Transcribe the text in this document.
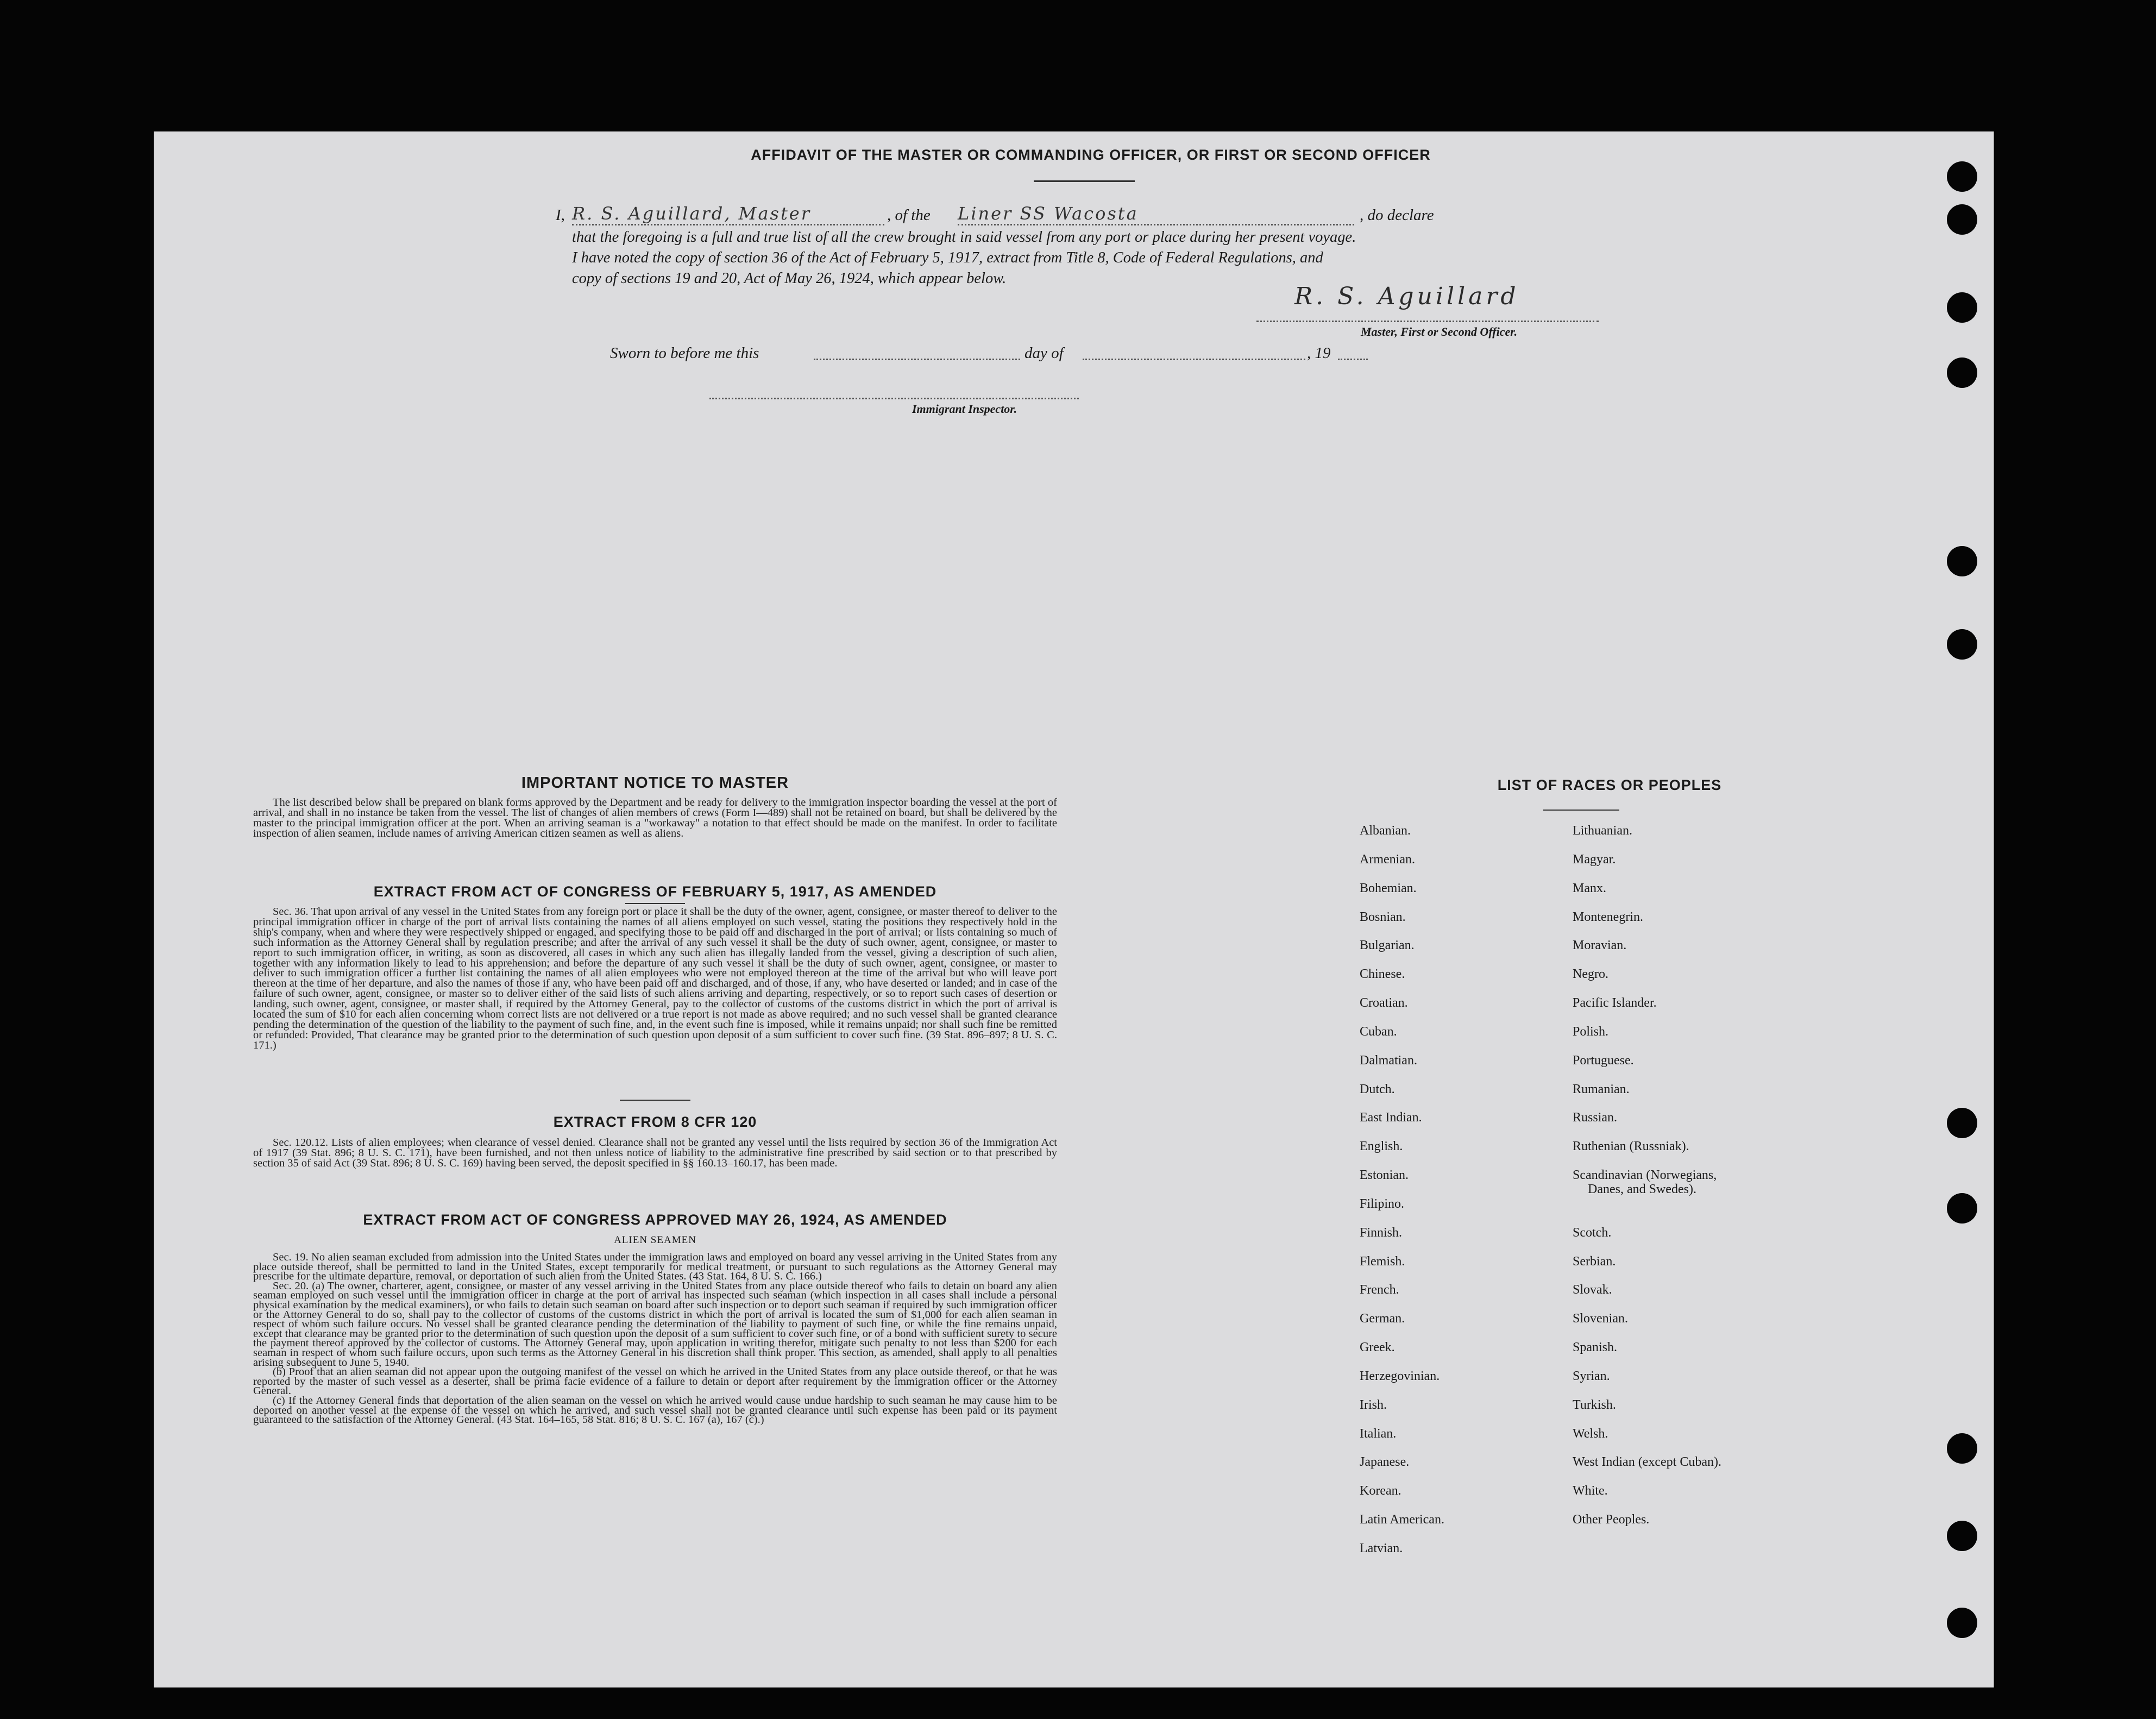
AFFIDAVIT OF THE MASTER OR COMMANDING OFFICER, OR FIRST OR SECOND OFFICER
I, R. S. Aguillard, Master	, of the Liner SS Wacosta	, do declare
that the foregoing is a full and true list of all the crew brought in said vessel from any port or place during her present voyage.
I have noted the copy of section 36 of the Act of February 5, 1917, extract from Title 8, Code of Federal Regulations, and
copy of sections 19 and 20, Act of May 26, 1924, which appear below.
R. S. Aguillard
Master, First or Second Officer.
Sworn to before me this	day of	, 19
Immigrant Inspector.
IMPORTANT NOTICE TO MASTER

The list described below shall be prepared on blank forms approved by the Department and be ready for delivery to the immigration inspector boarding the vessel at the port of arrival, and shall in no instance be taken from the vessel. The list of changes of alien members of crews (Form I—489) shall not be retained on board, but shall be delivered by the master to the principal immigration officer at the port. When an arriving seaman is a "workaway" a notation to that effect should be made on the manifest. In order to facilitate inspection of alien seamen, include names of arriving American citizen seamen as well as aliens.

EXTRACT FROM ACT OF CONGRESS OF FEBRUARY 5, 1917, AS AMENDED

Sec. 36. That upon arrival of any vessel in the United States from any foreign port or place it shall be the duty of the owner, agent, consignee, or master thereof to deliver to the principal immigration officer in charge of the port of arrival lists containing the names of all aliens employed on such vessel, stating the positions they respectively hold in the ship's company, when and where they were respectively shipped or engaged, and specifying those to be paid off and discharged in the port of arrival; or lists containing so much of such information as the Attorney General shall by regulation prescribe; and after the arrival of any such vessel it shall be the duty of such owner, agent, consignee, or master to report to such immigration officer, in writing, as soon as discovered, all cases in which any such alien has illegally landed from the vessel, giving a description of such alien, together with any information likely to lead to his apprehension; and before the departure of any such vessel it shall be the duty of such owner, agent, consignee, or master to deliver to such immigration officer a further list containing the names of all alien employees who were not employed thereon at the time of the arrival but who will leave port thereon at the time of her departure, and also the names of those if any, who have been paid off and discharged, and of those, if any, who have deserted or landed; and in case of the failure of such owner, agent, consignee, or master so to deliver either of the said lists of such aliens arriving and departing, respectively, or so to report such cases of desertion or landing, such owner, agent, consignee, or master shall, if required by the Attorney General, pay to the collector of customs of the customs district in which the port of arrival is located the sum of $10 for each alien concerning whom correct lists are not delivered or a true report is not made as above required; and no such vessel shall be granted clearance pending the determination of the question of the liability to the payment of such fine, and, in the event such fine is imposed, while it remains unpaid; nor shall such fine be remitted or refunded: Provided, That clearance may be granted prior to the determination of such question upon deposit of a sum sufficient to cover such fine. (39 Stat. 896–897; 8 U. S. C. 171.)

EXTRACT FROM 8 CFR 120

Sec. 120.12. Lists of alien employees; when clearance of vessel denied. Clearance shall not be granted any vessel until the lists required by section 36 of the Immigration Act of 1917 (39 Stat. 896; 8 U. S. C. 171), have been furnished, and not then unless notice of liability to the administrative fine prescribed by said section or to that prescribed by section 35 of said Act (39 Stat. 896; 8 U. S. C. 169) having been served, the deposit specified in §§ 160.13–160.17, has been made.

EXTRACT FROM ACT OF CONGRESS APPROVED MAY 26, 1924, AS AMENDED
ALIEN SEAMEN

Sec. 19. No alien seaman excluded from admission into the United States under the immigration laws and employed on board any vessel arriving in the United States from any place outside thereof, shall be permitted to land in the United States, except temporarily for medical treatment, or pursuant to such regulations as the Attorney General may prescribe for the ultimate departure, removal, or deportation of such alien from the United States. (43 Stat. 164, 8 U. S. C. 166.)

Sec. 20. (a) The owner, charterer, agent, consignee, or master of any vessel arriving in the United States from any place outside thereof who fails to detain on board any alien seaman employed on such vessel until the immigration officer in charge at the port of arrival has inspected such seaman (which inspection in all cases shall include a personal physical examination by the medical examiners), or who fails to detain such seaman on board after such inspection or to deport such seaman if required by such immigration officer or the Attorney General to do so, shall pay to the collector of customs of the customs district in which the port of arrival is located the sum of $1,000 for each alien seaman in respect of whom such failure occurs. No vessel shall be granted clearance pending the determination of the liability to payment of such fine, or while the fine remains unpaid, except that clearance may be granted prior to the determination of such question upon the deposit of a sum sufficient to cover such fine, or of a bond with sufficient surety to secure the payment thereof approved by the collector of customs. The Attorney General may, upon application in writing therefor, mitigate such penalty to not less than $200 for each seaman in respect of whom such failure occurs, upon such terms as the Attorney General in his discretion shall think proper. This section, as amended, shall apply to all penalties arising subsequent to June 5, 1940.

(b) Proof that an alien seaman did not appear upon the outgoing manifest of the vessel on which he arrived in the United States from any place outside thereof, or that he was reported by the master of such vessel as a deserter, shall be prima facie evidence of a failure to detain or deport after requirement by the immigration officer or the Attorney General.

(c) If the Attorney General finds that deportation of the alien seaman on the vessel on which he arrived would cause undue hardship to such seaman he may cause him to be deported on another vessel at the expense of the vessel on which he arrived, and such vessel shall not be granted clearance until such expense has been paid or its payment guaranteed to the satisfaction of the Attorney General. (43 Stat. 164–165, 58 Stat. 816; 8 U. S. C. 167 (a), 167 (c).)

LIST OF RACES OR PEOPLES
Albanian.
Armenian.
Bohemian.
Bosnian.
Bulgarian.
Chinese.
Croatian.
Cuban.
Dalmatian.
Dutch.
East Indian.
English.
Estonian.
Filipino.
Finnish.
Flemish.
French.
German.
Greek.
Herzegovinian.
Irish.
Italian.
Japanese.
Korean.
Latin American.
Latvian.
Lithuanian.
Magyar.
Manx.
Montenegrin.
Moravian.
Negro.
Pacific Islander.
Polish.
Portuguese.
Rumanian.
Russian.
Ruthenian (Russniak).
Scandinavian (Norwegians,
Danes, and Swedes).
Scotch.
Serbian.
Slovak.
Slovenian.
Spanish.
Syrian.
Turkish.
Welsh.
West Indian (except Cuban).
White.
Other Peoples.
